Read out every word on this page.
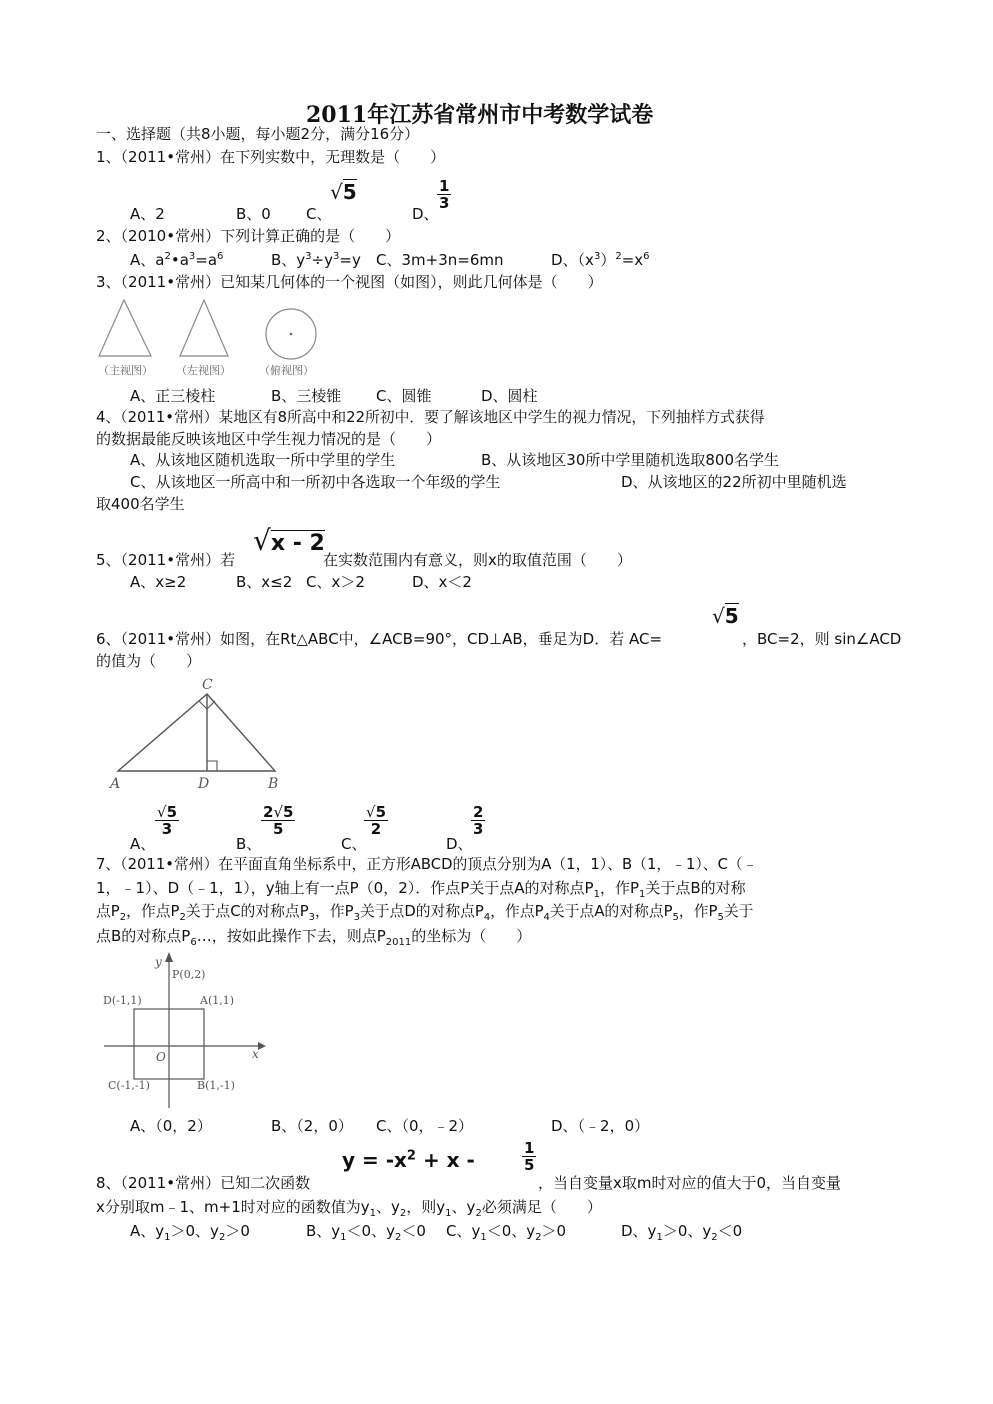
2011年江苏省常州市中考数学试卷
一、选择题（共8小题，每小题2分，满分16分）
1、（2011•常州）在下列实数中，无理数是（　　）
A、2	B、0 C、
√5
D、
$\frac{1}{3}$
2、（2010•常州）下列计算正确的是（　　）
A、$a^2•a^3=a^6$	B、$y^3\div y^3=y$ C、3m+3n=6mn	D、$(x^3)^2=x^6$
3、（2011•常州）已知某几何体的一个视图（如图），则此几何体是（　　）
（主视图） （左视图）	（俯视图）
A、正三棱柱	B、三棱锥 C、圆锥	D、圆柱
4、（2011•常州）某地区有8所高中和22所初中．要了解该地区中学生的视力情况，下列抽样方式获得
的数据最能反映该地区中学生视力情况的是（　　）
A、从该地区随机选取一所中学里的学生	B、从该地区30所中学里随机选取800名学生
C、从该地区一所高中和一所初中各选取一个年级的学生	D、从该地区的22所初中里随机选
取400名学生
5、（2011•常州）若
√x - 2
在实数范围内有意义，则x的取值范围（　　）
A、x≥2	B、x≤2 C、x＞2	D、x＜2
6、（2011•常州）如图，在Rt△ABC中，∠ACB=90°，CD⊥AB，垂足为D．若 AC=
√5
，BC=2，则 sin∠ACD
的值为（　　）
C
A	D	B
A、
$\frac{√5}{3}$
B、
$\frac{2√5}{5}$
C、
$\frac{√5}{2}$
D、
$\frac{2}{3}$
7、（2011•常州）在平面直角坐标系中，正方形ABCD的顶点分别为A（1，1）、B（1，﹣1）、C（﹣
1，﹣1）、D（﹣1，1），y轴上有一点P（0，2）．作点P关于点A的对称点$P_1$，作$P_1$关于点B的对称
点$P_2$，作点$P_2$关于点C的对称点$P_3$，作$P_3$关于点D的对称点$P_4$，作点$P_4$关于点A的对称点$P_5$，作$P_5$关于
点B的对称点$P_6\dots$，按如此操作下去，则点$P_{2011}$的坐标为（　　）
y
x
O
P(0,2)
A(1,1)
D(-1,1)
B(1,-1)
C(-1,-1)
A、（0，2）	B、（2，0） C、（0，﹣2）	D、（﹣2，0）
8、（2011•常州）已知二次函数
$y = -x^2 + x$ -	$\frac{1}{5}$
，当自变量x取m时对应的值大于0，当自变量
x分别取m﹣1、m+1时对应的函数值为$y_1$、$y_2$，则$y_1$、$y_2$必须满足（　　）
A、$y_1>0$、$y_2>0$	B、$y_1<0$、$y_2<0$ C、$y_1<0$、$y_2>0$	D、$y_1>0$、$y_2<0$
